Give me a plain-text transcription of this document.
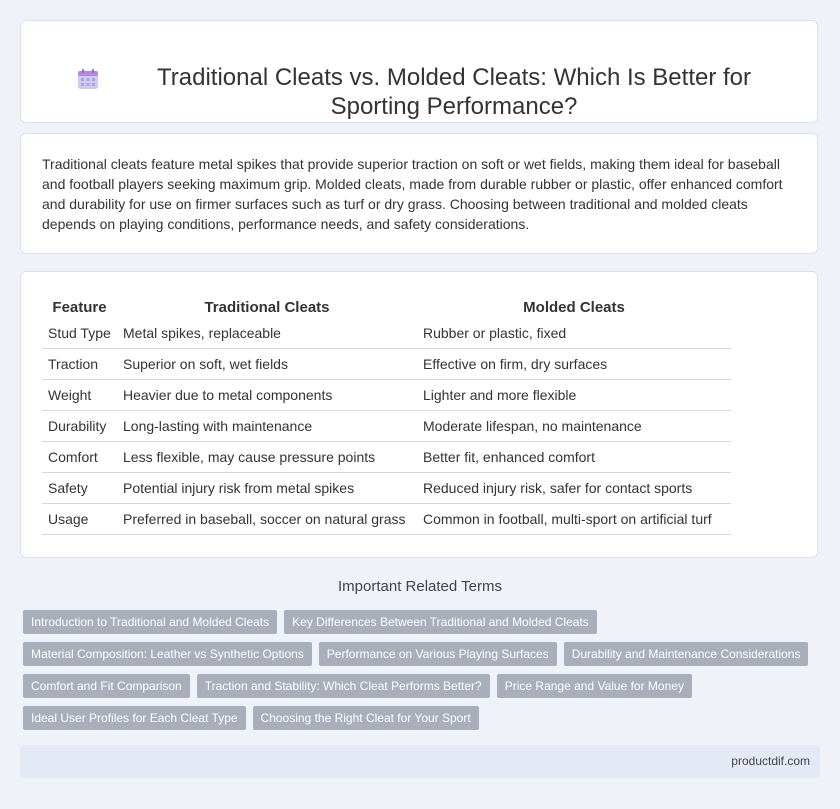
Traditional Cleats vs. Molded Cleats: Which Is Better for Sporting Performance?

Traditional cleats feature metal spikes that provide superior traction on soft or wet fields, making them ideal for baseball and football players seeking maximum grip. Molded cleats, made from durable rubber or plastic, offer enhanced comfort and durability for use on firmer surfaces such as turf or dry grass. Choosing between traditional and molded cleats depends on playing conditions, performance needs, and safety considerations.

Feature	Traditional Cleats	Molded Cleats
Stud Type	Metal spikes, replaceable	Rubber or plastic, fixed
Traction	Superior on soft, wet fields	Effective on firm, dry surfaces
Weight	Heavier due to metal components	Lighter and more flexible
Durability	Long-lasting with maintenance	Moderate lifespan, no maintenance
Comfort	Less flexible, may cause pressure points	Better fit, enhanced comfort
Safety	Potential injury risk from metal spikes	Reduced injury risk, safer for contact sports
Usage	Preferred in baseball, soccer on natural grass	Common in football, multi-sport on artificial turf
Important Related Terms
Introduction to Traditional and Molded Cleats	Key Differences Between Traditional and Molded Cleats
Material Composition: Leather vs Synthetic Options	Performance on Various Playing Surfaces	Durability and Maintenance Considerations
Comfort and Fit Comparison	Traction and Stability: Which Cleat Performs Better?	Price Range and Value for Money
Ideal User Profiles for Each Cleat Type	Choosing the Right Cleat for Your Sport
productdif.com
